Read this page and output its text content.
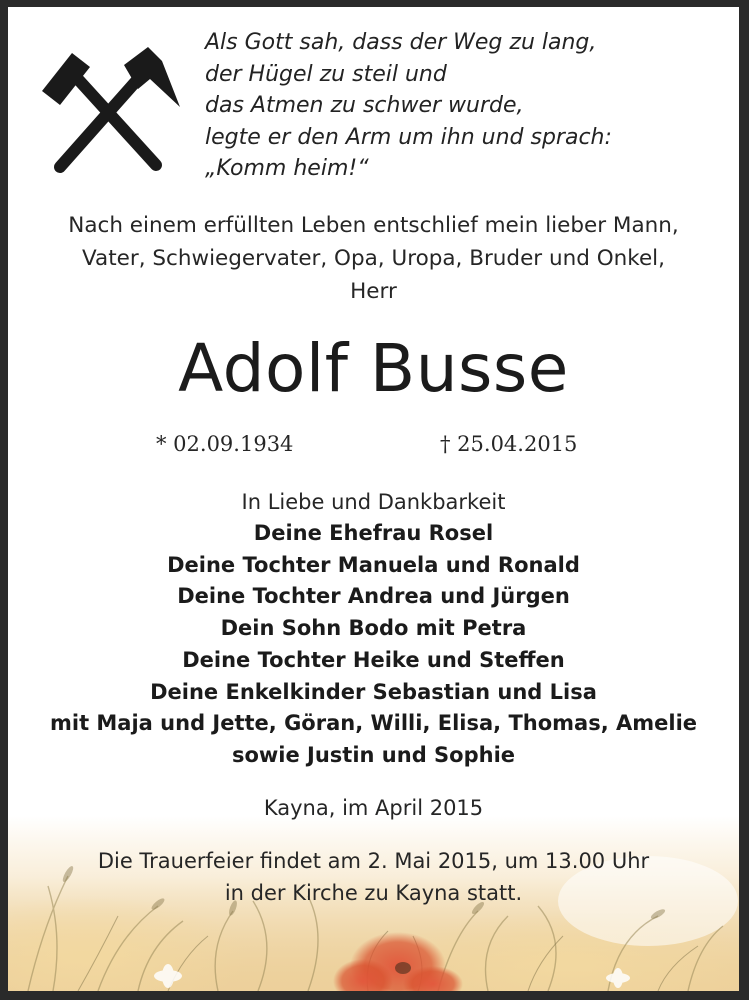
Als Gott sah, dass der Weg zu lang,
der Hügel zu steil und
das Atmen zu schwer wurde,
legte er den Arm um ihn und sprach:
„Komm heim!“
Nach einem erfüllten Leben entschlief mein lieber Mann,
Vater, Schwiegervater, Opa, Uropa, Bruder und Onkel,
Herr
Adolf Busse
* 02.09.1934	† 25.04.2015
In Liebe und Dankbarkeit
Deine Ehefrau Rosel
Deine Tochter Manuela und Ronald
Deine Tochter Andrea und Jürgen
Dein Sohn Bodo mit Petra
Deine Tochter Heike und Steffen
Deine Enkelkinder Sebastian und Lisa
mit Maja und Jette, Göran, Willi, Elisa, Thomas, Amelie
sowie Justin und Sophie
Kayna, im April 2015
Die Trauerfeier findet am 2. Mai 2015, um 13.00 Uhr
in der Kirche zu Kayna statt.
